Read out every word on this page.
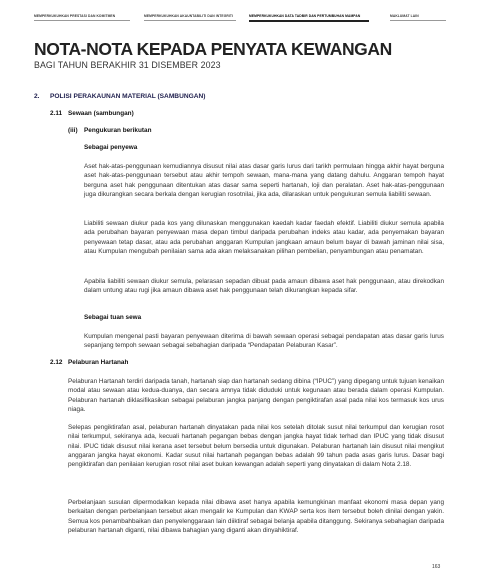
MEMPERKUKUHKAN PRESTASI DAN KOMITMEN	MEMPERKUKUHKAN AKAUNTABILITI DAN INTEGRITI	MEMPERKUKUHKAN DATA TADBIR DAN PERTUMBUHAN MAMPAN	MAKLUMAT LAIN
NOTA-NOTA KEPADA PENYATA KEWANGAN
BAGI TAHUN BERAKHIR 31 DISEMBER 2023
2. POLISI PERAKAUNAN MATERIAL (SAMBUNGAN)
2.11 Sewaan (sambungan)
(iii) Pengukuran berikutan
Sebagai penyewa

Aset hak-atas-penggunaan kemudiannya disusut nilai atas dasar garis lurus dari tarikh permulaan hingga akhir hayat berguna aset hak-atas-penggunaan tersebut atau akhir tempoh sewaan, mana-mana yang datang dahulu. Anggaran tempoh hayat berguna aset hak penggunaan ditentukan atas dasar sama seperti hartanah, loji dan peralatan. Aset hak-atas-penggunaan juga dikurangkan secara berkala dengan kerugian rosotnilai, jika ada, dilaraskan untuk pengukuran semula liabiliti sewaan.

Liabiliti sewaan diukur pada kos yang dilunaskan menggunakan kaedah kadar faedah efektif. Liabiliti diukur semula apabila ada perubahan bayaran penyewaan masa depan timbul daripada perubahan indeks atau kadar, ada penyemakan bayaran penyewaan tetap dasar, atau ada perubahan anggaran Kumpulan jangkaan amaun belum bayar di bawah jaminan nilai sisa, atau Kumpulan mengubah penilaian sama ada akan melaksanakan pilihan pembelian, penyambungan atau penamatan.

Apabila liabiliti sewaan diukur semula, pelarasan sepadan dibuat pada amaun dibawa aset hak penggunaan, atau direkodkan dalam untung atau rugi jika amaun dibawa aset hak penggunaan telah dikurangkan kepada sifar.

Sebagai tuan sewa

Kumpulan mengenal pasti bayaran penyewaan diterima di bawah sewaan operasi sebagai pendapatan atas dasar garis lurus sepanjang tempoh sewaan sebagai sebahagian daripada “Pendapatan Pelaburan Kasar”.

2.12 Pelaburan Hartanah

Pelaburan Hartanah terdiri daripada tanah, hartanah siap dan hartanah sedang dibina (“IPUC”) yang dipegang untuk tujuan kenaikan modal atau sewaan atau kedua-duanya, dan secara amnya tidak diduduki untuk kegunaan atau berada dalam operasi Kumpulan. Pelaburan hartanah diklasifikasikan sebagai pelaburan jangka panjang dengan pengiktirafan asal pada nilai kos termasuk kos urus niaga.

Selepas pengiktirafan asal, pelaburan hartanah dinyatakan pada nilai kos setelah ditolak susut nilai terkumpul dan kerugian rosot nilai terkumpul, sekiranya ada, kecuali hartanah pegangan bebas dengan jangka hayat tidak terhad dan IPUC yang tidak disusut nilai. IPUC tidak disusut nilai kerana aset tersebut belum bersedia untuk digunakan. Pelaburan hartanah lain disusut nilai mengikut anggaran jangka hayat ekonomi. Kadar susut nilai hartanah pegangan bebas adalah 99 tahun pada asas garis lurus. Dasar bagi pengiktirafan dan penilaian kerugian rosot nilai aset bukan kewangan adalah seperti yang dinyatakan di dalam Nota 2.18.

Perbelanjaan susulan dipermodalkan kepada nilai dibawa aset hanya apabila kemungkinan manfaat ekonomi masa depan yang berkaitan dengan perbelanjaan tersebut akan mengalir ke Kumpulan dan KWAP serta kos item tersebut boleh dinilai dengan yakin. Semua kos penambahbaikan dan penyelenggaraan lain diiktiraf sebagai belanja apabila ditanggung. Sekiranya sebahagian daripada pelaburan hartanah diganti, nilai dibawa bahagian yang diganti akan dinyahiktiraf.

163
